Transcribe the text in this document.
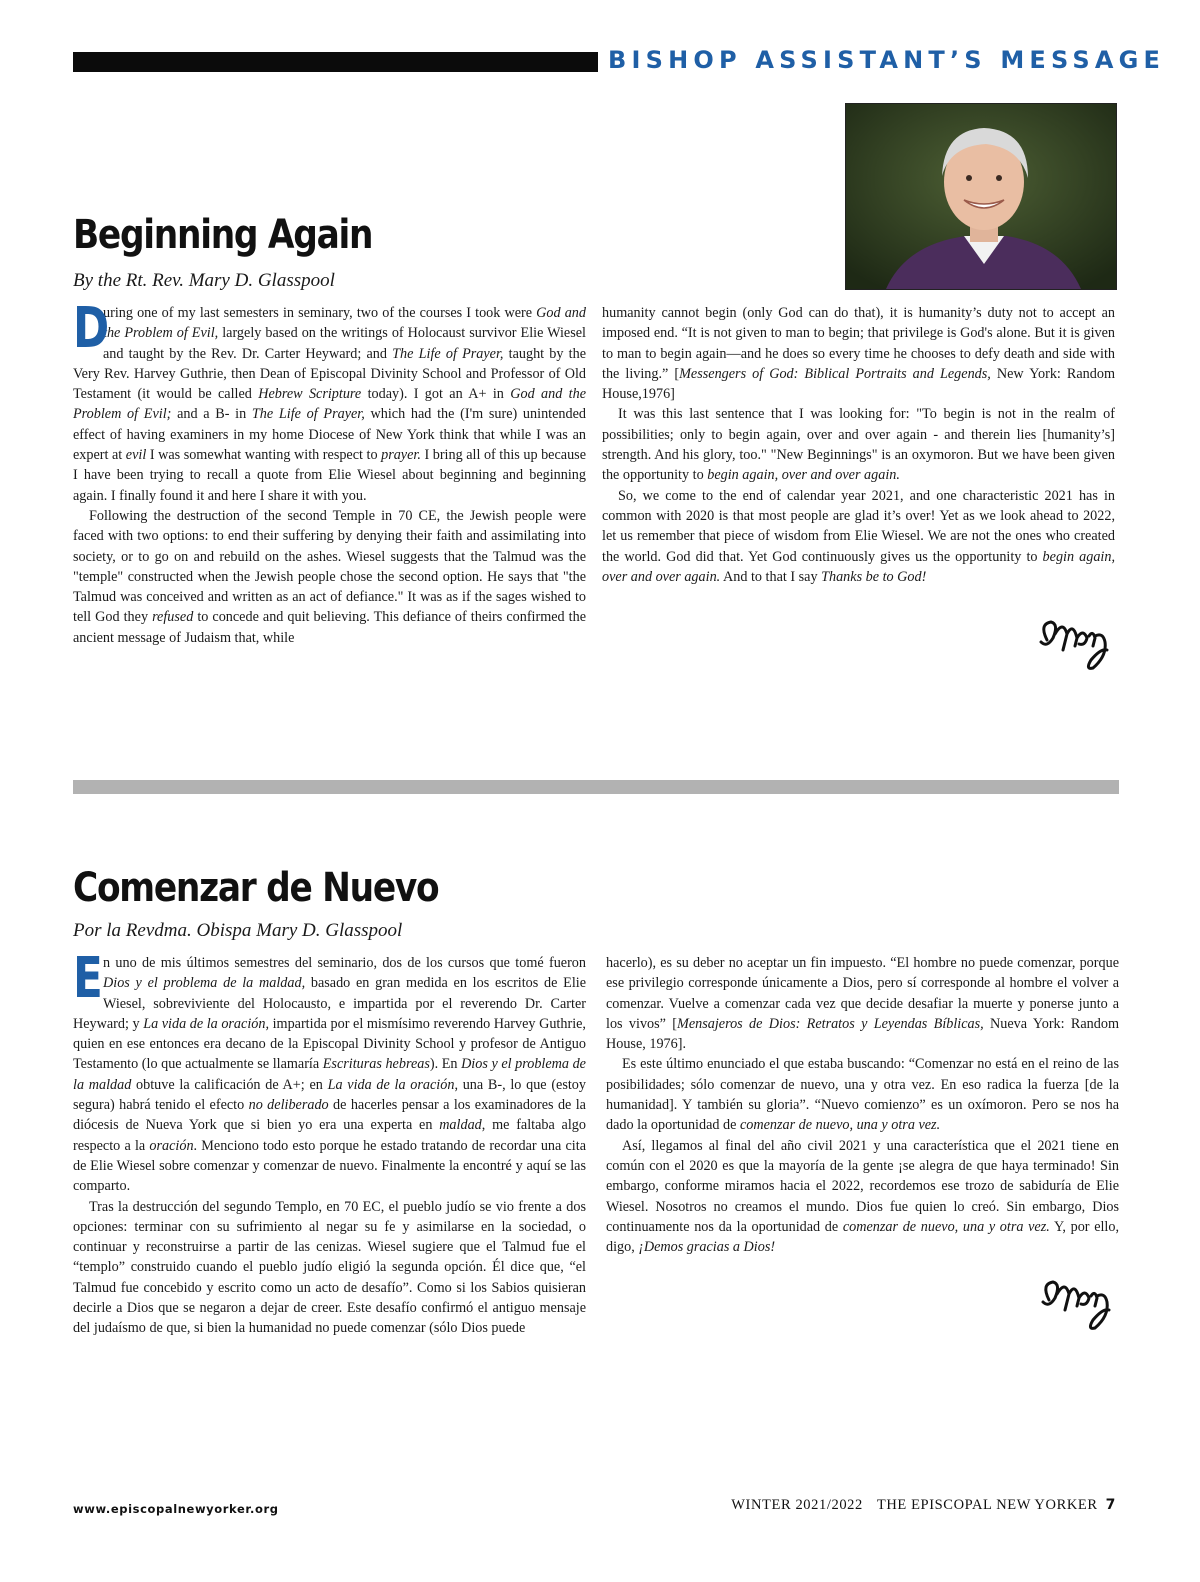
BISHOP ASSISTANT’S MESSAGE
Beginning Again
By the Rt. Rev. Mary D. Glasspool
D

uring one of my last semesters in seminary, two of the courses I took were God and the Problem of Evil, largely based on the writings of Holocaust survivor Elie Wiesel and taught by the Rev. Dr. Carter Heyward; and The Life of Prayer, taught by the Very Rev. Harvey Guthrie, then Dean of Episcopal Divinity School and Professor of Old Testament (it would be called Hebrew Scripture today). I got an A+ in God and the Problem of Evil; and a B- in The Life of Prayer, which had the (I'm sure) unintended effect of having examiners in my home Diocese of New York think that while I was an expert at evil I was somewhat wanting with respect to prayer. I bring all of this up because I have been trying to recall a quote from Elie Wiesel about beginning and beginning again. I finally found it and here I share it with you.

Following the destruction of the second Temple in 70 CE, the Jewish people were faced with two options: to end their suffering by denying their faith and assimilating into society, or to go on and rebuild on the ashes. Wiesel suggests that the Talmud was the "temple" constructed when the Jewish people chose the second option. He says that "the Talmud was conceived and written as an act of defiance." It was as if the sages wished to tell God they refused to concede and quit believing. This defiance of theirs confirmed the ancient message of Judaism that, while

humanity cannot begin (only God can do that), it is humanity’s duty not to accept an imposed end. “It is not given to man to begin; that privilege is God's alone. But it is given to man to begin again—and he does so every time he chooses to defy death and side with the living.” [Messengers of God: Biblical Portraits and Legends, New York: Random House,1976]

It was this last sentence that I was looking for: "To begin is not in the realm of possibilities; only to begin again, over and over again - and therein lies [humanity’s] strength. And his glory, too." "New Beginnings" is an oxymoron. But we have been given the opportunity to begin again, over and over again.

So, we come to the end of calendar year 2021, and one characteristic 2021 has in common with 2020 is that most people are glad it’s over! Yet as we look ahead to 2022, let us remember that piece of wisdom from Elie Wiesel. We are not the ones who created the world. God did that. Yet God continuously gives us the opportunity to begin again, over and over again. And to that I say Thanks be to God!

Comenzar de Nuevo
Por la Revdma. Obispa Mary D. Glasspool
E n uno de mis últimos semestres del seminario, dos de los cursos que tomé fueron Dios y el problema de la maldad, basado en gran medida en los escritos de Elie Wiesel, sobreviviente del Holocausto, e impartida por el reverendo Dr. Carter Heyward; y La vida de la oración, impartida por el mismísimo reverendo Harvey Guthrie, quien en ese entonces era decano de la Episcopal Divinity School y profesor de Antiguo Testamento (lo que actualmente se llamaría Escrituras hebreas). En Dios y el problema de la maldad obtuve la calificación de A+; en La vida de la oración, una B-, lo que (estoy segura) habrá tenido el efecto no deliberado de hacerles pensar a los examinadores de la diócesis de Nueva York que si bien yo era una experta en maldad, me faltaba algo respecto a la oración. Menciono todo esto porque he estado tratando de recordar una cita de Elie Wiesel sobre comenzar y comenzar de nuevo. Finalmente la encontré y aquí se las comparto.

Tras la destrucción del segundo Templo, en 70 EC, el pueblo judío se vio frente a dos opciones: terminar con su sufrimiento al negar su fe y asimilarse en la sociedad, o continuar y reconstruirse a partir de las cenizas. Wiesel sugiere que el Talmud fue el “templo” construido cuando el pueblo judío eligió la segunda opción. Él dice que, “el Talmud fue concebido y escrito como un acto de desafío”. Como si los Sabios quisieran decirle a Dios que se negaron a dejar de creer. Este desafío confirmó el antiguo mensaje del judaísmo de que, si bien la humanidad no puede comenzar (sólo Dios puede

hacerlo), es su deber no aceptar un fin impuesto. “El hombre no puede comenzar, porque ese privilegio corresponde únicamente a Dios, pero sí corresponde al hombre el volver a comenzar. Vuelve a comenzar cada vez que decide desafiar la muerte y ponerse junto a los vivos” [Mensajeros de Dios: Retratos y Leyendas Bíblicas, Nueva York: Random House, 1976].

Es este último enunciado el que estaba buscando: “Comenzar no está en el reino de las posibilidades; sólo comenzar de nuevo, una y otra vez. En eso radica la fuerza [de la humanidad]. Y también su gloria”. “Nuevo comienzo” es un oxímoron. Pero se nos ha dado la oportunidad de comenzar de nuevo, una y otra vez.

Así, llegamos al final del año civil 2021 y una característica que el 2021 tiene en común con el 2020 es que la mayoría de la gente ¡se alegra de que haya terminado! Sin embargo, conforme miramos hacia el 2022, recordemos ese trozo de sabiduría de Elie Wiesel. Nosotros no creamos el mundo. Dios fue quien lo creó. Sin embargo, Dios continuamente nos da la oportunidad de comenzar de nuevo, una y otra vez. Y, por ello, digo, ¡Demos gracias a Dios!

www.episcopalnewyorker.org	WINTER 2021/2022 THE EPISCOPAL NEW YORKER 7
